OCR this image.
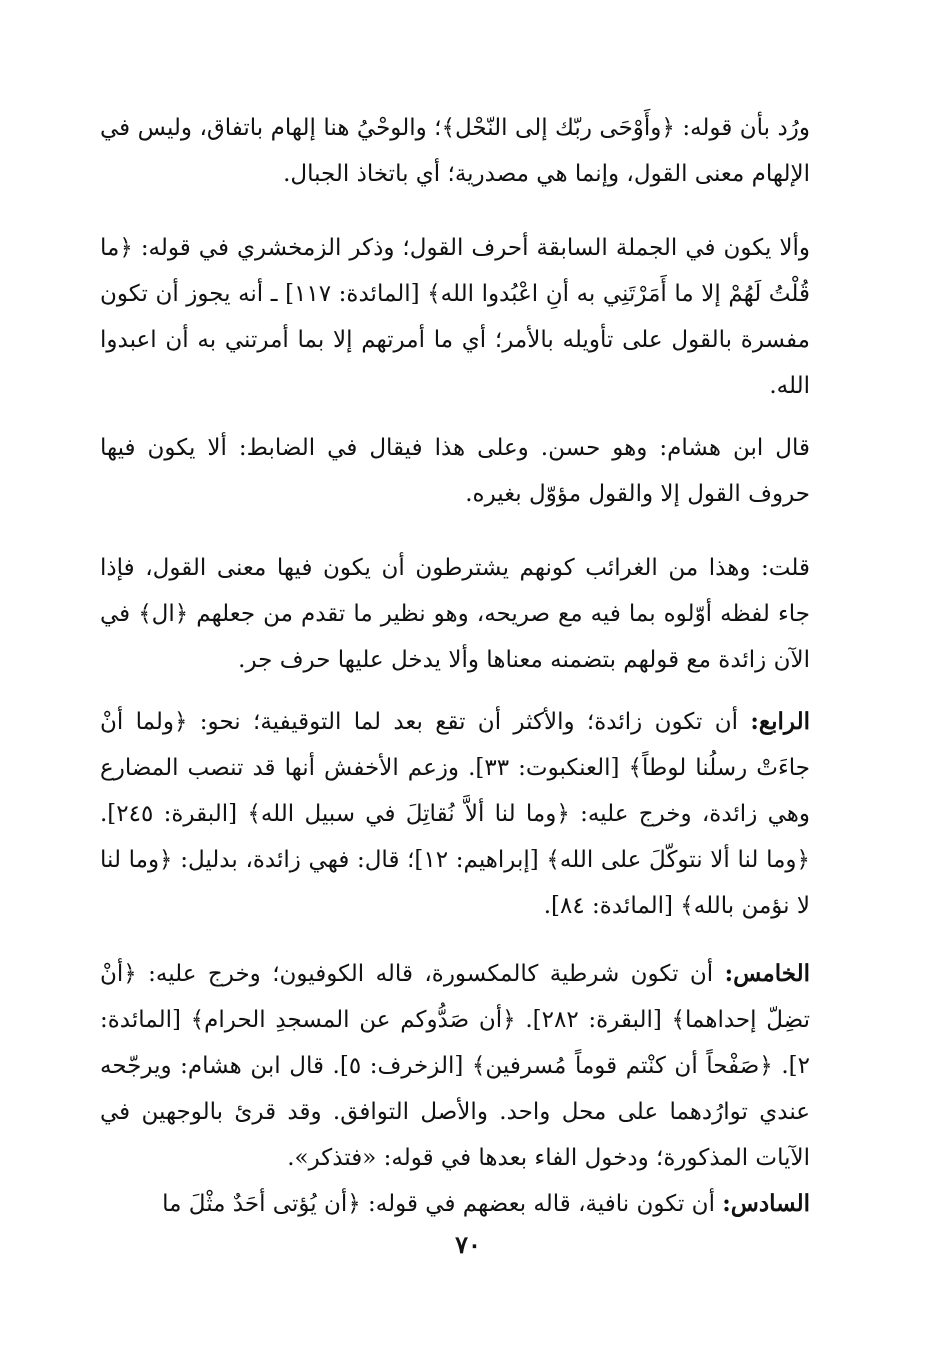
ورُد بأن قوله: ﴿وأَوْحَى ربّك إلى النّحْل﴾؛ والوحْيُ هنا إلهام باتفاق، وليس في الإلهام معنى القول، وإنما هي مصدرية؛ أي باتخاذ الجبال.

وألا يكون في الجملة السابقة أحرف القول؛ وذكر الزمخشري في قوله: ﴿ما قُلْتُ لَهُمْ إلا ما أَمَرْتَنِي به أنِ اعْبُدوا الله﴾ [المائدة: ١١٧] ـ أنه يجوز أن تكون مفسرة بالقول على تأويله بالأمر؛ أي ما أمرتهم إلا بما أمرتني به أن اعبدوا الله.

قال ابن هشام: وهو حسن. وعلى هذا فيقال في الضابط: ألا يكون فيها حروف القول إلا والقول مؤوّل بغيره.

قلت: وهذا من الغرائب كونهم يشترطون أن يكون فيها معنى القول، فإذا جاء لفظه أوّلوه بما فيه مع صريحه، وهو نظير ما تقدم من جعلهم ﴿ال﴾ في الآن زائدة مع قولهم بتضمنه معناها وألا يدخل عليها حرف جر.

الرابع: أن تكون زائدة؛ والأكثر أن تقع بعد لما التوقيفية؛ نحو: ﴿ولما أنْ جاءَتْ رسلُنا لوطاً﴾ [العنكبوت: ٣٣]. وزعم الأخفش أنها قد تنصب المضارع وهي زائدة، وخرج عليه: ﴿وما لنا ألاَّ نُقاتِلَ في سبيل الله﴾ [البقرة: ٢٤٥]. ﴿وما لنا ألا نتوكّلَ على الله﴾ [إبراهيم: ١٢]؛ قال: فهي زائدة، بدليل: ﴿وما لنا لا نؤمن بالله﴾ [المائدة: ٨٤].

الخامس: أن تكون شرطية كالمكسورة، قاله الكوفيون؛ وخرج عليه: ﴿أنْ تضِلّ إحداهما﴾ [البقرة: ٢٨٢]. ﴿أن صَدُّوكم عن المسجدِ الحرام﴾ [المائدة: ٢]. ﴿صَفْحاً أن كنْتم قوماً مُسرفين﴾ [الزخرف: ٥]. قال ابن هشام: ويرجّحه عندي توارُدهما على محل واحد. والأصل التوافق. وقد قرئ بالوجهين في الآيات المذكورة؛ ودخول الفاء بعدها في قوله: «فتذكر».

السادس: أن تكون نافية، قاله بعضهم في قوله: ﴿أن يُؤتى أحَدٌ مثْلَ ما

٧٠
